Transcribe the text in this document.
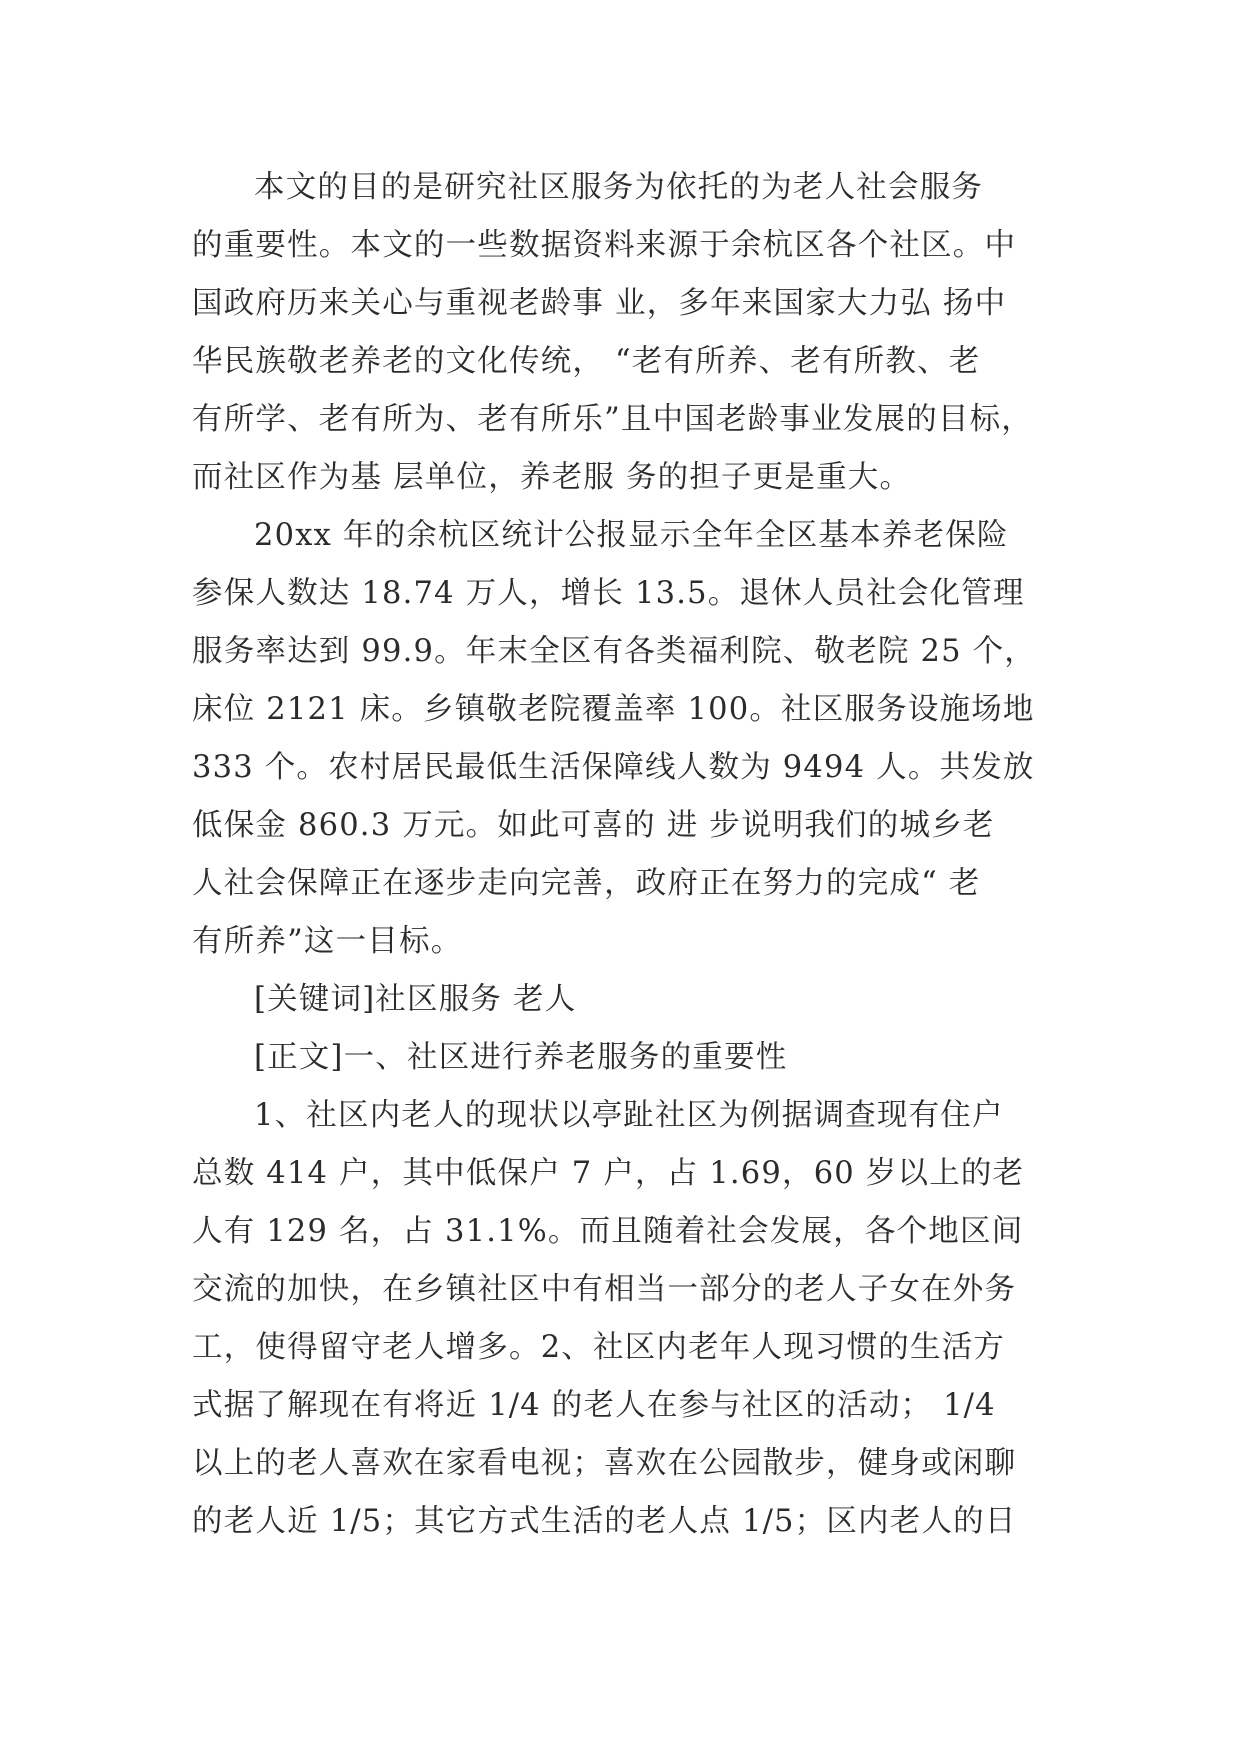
本文的目的是研究社区服务为依托的为老人社会服务
的重要性。本文的一些数据资料来源于余杭区各个社区。中
国政府历来关心与重视老龄事 业，多年来国家大力弘 扬中
华民族敬老养老的文化传统， “老有所养、老有所教、老
有所学、老有所为、老有所乐”且中国老龄事业发展的目标，
而社区作为基 层单位，养老服 务的担子更是重大。
20xx 年的余杭区统计公报显示全年全区基本养老保险
参保人数达 18.74 万人，增长 13.5。退休人员社会化管理
服务率达到 99.9。年末全区有各类福利院、敬老院 25 个，
床位 2121 床。乡镇敬老院覆盖率 100。社区服务设施场地
333 个。农村居民最低生活保障线人数为 9494 人。共发放
低保金 860.3 万元。如此可喜的 进 步说明我们的城乡老
人社会保障正在逐步走向完善，政府正在努力的完成“ 老
有所养”这一目标。
[关键词]社区服务 老人
[正文]一、社区进行养老服务的重要性
1、社区内老人的现状以亭趾社区为例据调查现有住户
总数 414 户，其中低保户 7 户，占 1.69，60 岁以上的老
人有 129 名，占 31.1%。而且随着社会发展，各个地区间
交流的加快，在乡镇社区中有相当一部分的老人子女在外务
工，使得留守老人增多。2、社区内老年人现习惯的生活方
式据了解现在有将近 1/4 的老人在参与社区的活动； 1/4
以上的老人喜欢在家看电视；喜欢在公园散步，健身或闲聊
的老人近 1/5；其它方式生活的老人点 1/5；区内老人的日
